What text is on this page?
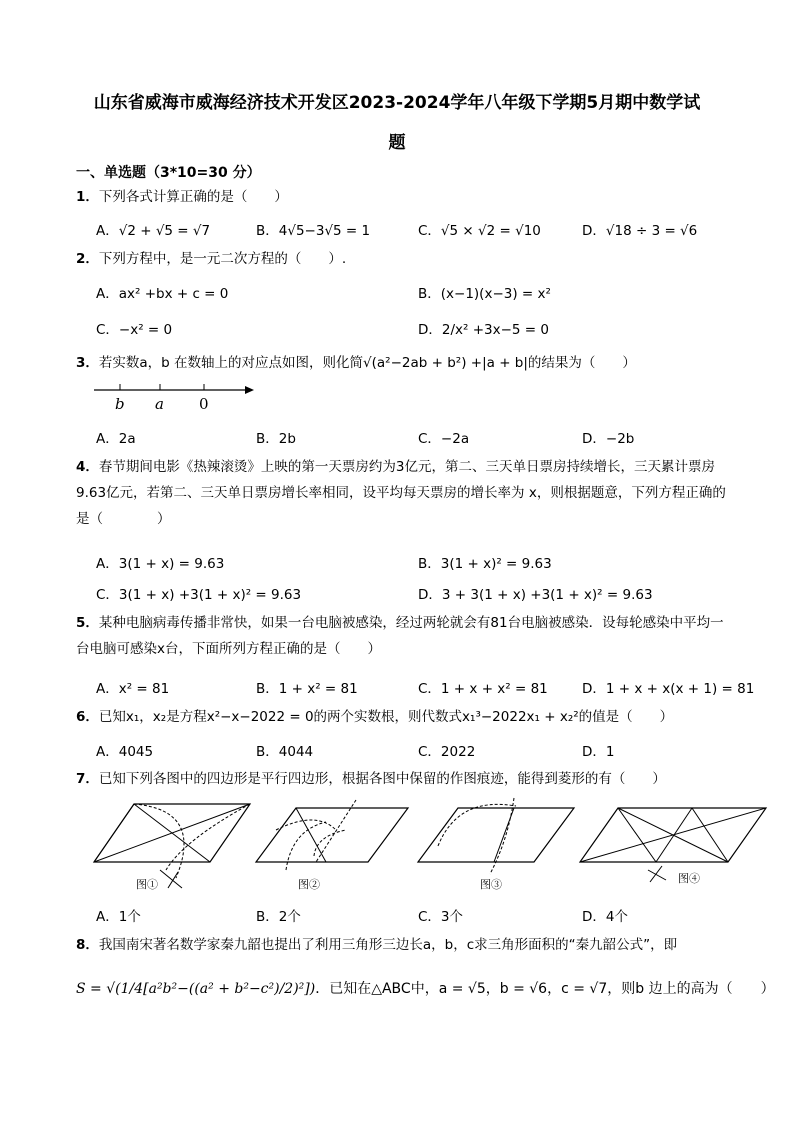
山东省威海市威海经济技术开发区2023-2024学年八年级下学期5月期中数学试
题
一、单选题（3*10=30 分）
1．下列各式计算正确的是（　　）
A．√2 + √5 = √7	B．4√5−3√5 = 1	C．√5 × √2 = √10	D．√18 ÷ 3 = √6
2．下列方程中，是一元二次方程的（　　）.
A．ax² +bx + c = 0	B．(x−1)(x−3) = x²
C．−x² = 0	D．2/x² +3x−5 = 0
3．若实数a，b 在数轴上的对应点如图，则化简√(a²−2ab + b²) +|a + b|的结果为（　　）
b a 0
A．2a	B．2b	C．−2a	D．−2b
4．春节期间电影《热辣滚烫》上映的第一天票房约为3亿元，第二、三天单日票房持续增长，三天累计票房9.63亿元，若第二、三天单日票房增长率相同，设平均每天票房的增长率为 x，则根据题意，下列方程正确的是（　　　　）
A．3(1 + x) = 9.63	B．3(1 + x)² = 9.63
C．3(1 + x) +3(1 + x)² = 9.63	D．3 + 3(1 + x) +3(1 + x)² = 9.63
5．某种电脑病毒传播非常快，如果一台电脑被感染，经过两轮就会有81台电脑被感染．设每轮感染中平均一台电脑可感染x台，下面所列方程正确的是（　　）
A．x² = 81	B．1 + x² = 81	C．1 + x + x² = 81	D．1 + x + x(x + 1) = 81
6．已知x₁，x₂是方程x²−x−2022 = 0的两个实数根，则代数式x₁³−2022x₁ + x₂²的值是（　　）
A．4045	B．4044	C．2022	D．1
7．已知下列各图中的四边形是平行四边形，根据各图中保留的作图痕迹，能得到菱形的有（　　）
图①	图②	图③	图④
A．1个	B．2个	C．3个	D．4个
8．我国南宋著名数学家秦九韶也提出了利用三角形三边长a，b，c求三角形面积的“秦九韶公式”，即
S = √(1/4[a²b²−((a² + b²−c²)/2)²])．已知在△ABC中，a = √5，b = √6，c = √7，则b 边上的高为（　　）
